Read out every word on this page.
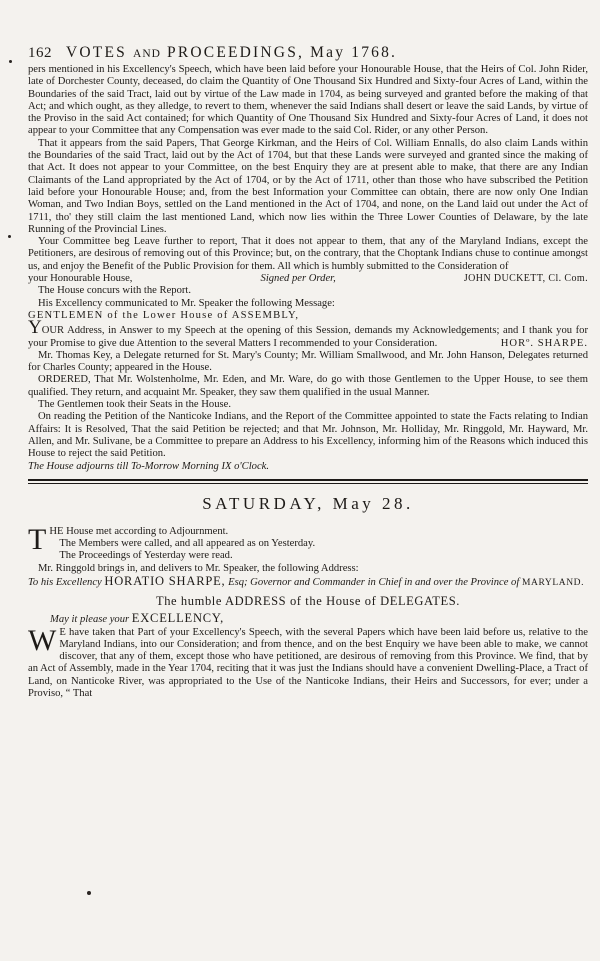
162 VOTES AND PROCEEDINGS, May 1768.

pers mentioned in his Excellency's Speech, which have been laid before your Honourable House, that the Heirs of Col. John Rider, late of Dorchester County, deceased, do claim the Quantity of One Thousand Six Hundred and Sixty-four Acres of Land, within the Boundaries of the said Tract, laid out by virtue of the Law made in 1704, as being surveyed and granted before the making of that Act; and which ought, as they alledge, to revert to them, whenever the said Indians shall desert or leave the said Lands, by virtue of the Proviso in the said Act contained; for which Quantity of One Thousand Six Hundred and Sixty-four Acres of Land, it does not appear to your Committee that any Compensation was ever made to the said Col. Rider, or any other Person.

That it appears from the said Papers, That George Kirkman, and the Heirs of Col. William Ennalls, do also claim Lands within the Boundaries of the said Tract, laid out by the Act of 1704, but that these Lands were surveyed and granted since the making of that Act. It does not appear to your Committee, on the best Enquiry they are at present able to make, that there are any Indian Claimants of the Land appropriated by the Act of 1704, or by the Act of 1711, other than those who have subscribed the Petition laid before your Honourable House; and, from the best Information your Committee can obtain, there are now only One Indian Woman, and Two Indian Boys, settled on the Land mentioned in the Act of 1704, and none, on the Land laid out under the Act of 1711, tho' they still claim the last mentioned Land, which now lies within the Three Lower Counties of Delaware, by the late Running of the Provincial Lines.

Your Committee beg Leave further to report, That it does not appear to them, that any of the Maryland Indians, except the Petitioners, are desirous of removing out of this Province; but, on the contrary, that the Choptank Indians chuse to continue amongst us, and enjoy the Benefit of the Public Provision for them. All which is humbly submitted to the Consideration of

your Honourable House,	Signed per Order,	JOHN DUCKETT, Cl. Com.

The House concurs with the Report.

His Excellency communicated to Mr. Speaker the following Message:

GENTLEMEN of the Lower House of ASSEMBLY,

YOUR Address, in Answer to my Speech at the opening of this Session, demands my Acknowledgements; and I thank you for your Promise to give due Attention to the several Matters I recommended to your Consideration.	HORº. SHARPE.

Mr. Thomas Key, a Delegate returned for St. Mary's County; Mr. William Smallwood, and Mr. John Hanson, Delegates returned for Charles County; appeared in the House.

ORDERED, That Mr. Wolstenholme, Mr. Eden, and Mr. Ware, do go with those Gentlemen to the Upper House, to see them qualified. They return, and acquaint Mr. Speaker, they saw them qualified in the usual Manner.

The Gentlemen took their Seats in the House.

On reading the Petition of the Nanticoke Indians, and the Report of the Committee appointed to state the Facts relating to Indian Affairs: It is Resolved, That the said Petition be rejected; and that Mr. Johnson, Mr. Holliday, Mr. Ringgold, Mr. Hayward, Mr. Allen, and Mr. Sulivane, be a Committee to prepare an Address to his Excellency, informing him of the Reasons which induced this House to reject the said Petition.

The House adjourns till To-Morrow Morning IX o'Clock.

SATURDAY, May 28.

THE House met according to Adjournment.

The Members were called, and all appeared as on Yesterday.

The Proceedings of Yesterday were read.

Mr. Ringgold brings in, and delivers to Mr. Speaker, the following Address:

To his Excellency HORATIO SHARPE, Esq; Governor and Commander in Chief in and over the Province of MARYLAND.

The humble ADDRESS of the House of DELEGATES.

May it please your EXCELLENCY,

W E have taken that Part of your Excellency's Speech, with the several Papers which have been laid before us, relative to the Maryland Indians, into our Consideration; and from thence, and on the best Enquiry we have been able to make, we cannot discover, that any of them, except those who have petitioned, are desirous of removing from this Province. We find, that by an Act of Assembly, made in the Year 1704, reciting that it was just the Indians should have a convenient Dwelling-Place, a Tract of Land, on Nanticoke River, was appropriated to the Use of the Nanticoke Indians, their Heirs and Successors, for ever; under a Proviso, “ That
